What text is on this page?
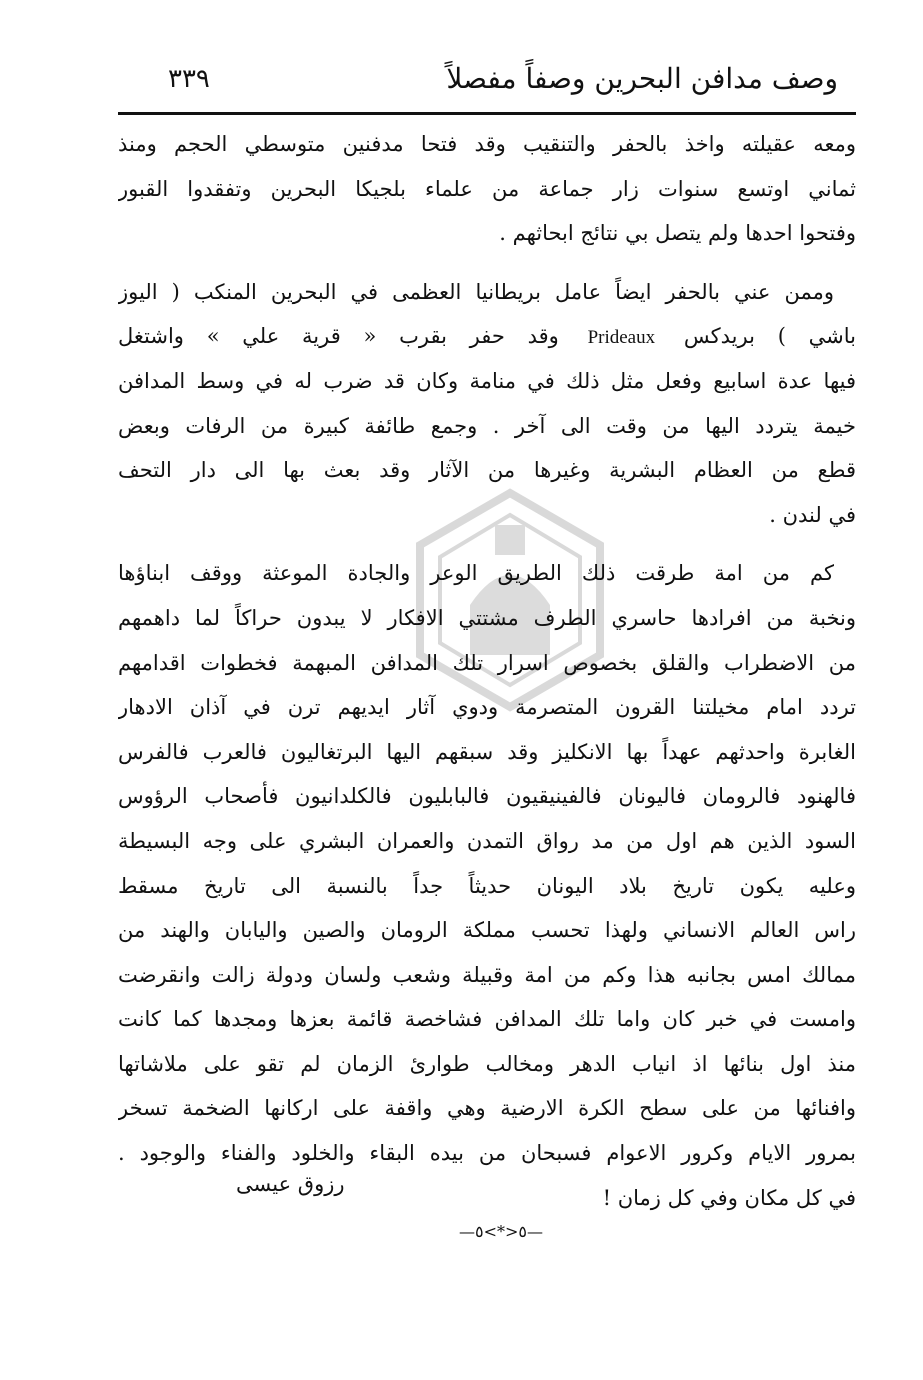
وصف مدافن البحرين وصفاً مفصلاً
٣٣٩
ومعه عقيلته واخذ بالحفر والتنقيب وقد فتحا مدفنين متوسطي الحجم ومنذ
ثماني اوتسع سنوات زار جماعة من علماء بلجيكا البحرين وتفقدوا القبور
وفتحوا احدها ولم يتصل بي نتائج ابحاثهم .
وممن عني بالحفر ايضاً عامل بريطانيا العظمى في البحرين المنكب ( اليوز
باشي ) بريدكس Prideaux وقد حفر بقرب « قرية علي » واشتغل
فيها عدة اسابيع وفعل مثل ذلك في منامة وكان قد ضرب له في وسط المدافن
خيمة يتردد اليها من وقت الى آخر . وجمع طائفة كبيرة من الرفات وبعض
قطع من العظام البشرية وغيرها من الآثار وقد بعث بها الى دار التحف
في لندن .
كم من امة طرقت ذلك الطريق الوعر والجادة الموعثة ووقف ابناؤها
ونخبة من افرادها حاسري الطرف مشتتي الافكار لا يبدون حراكاً لما داهمهم
من الاضطراب والقلق بخصوص اسرار تلك المدافن المبهمة فخطوات اقدامهم
تردد امام مخيلتنا القرون المتصرمة ودوي آثار ايديهم ترن في آذان الادهار
الغابرة واحدثهم عهداً بها الانكليز وقد سبقهم اليها البرتغاليون فالعرب فالفرس
فالهنود فالرومان فاليونان فالفينيقيون فالبابليون فالكلدانيون فأصحاب الرؤوس
السود الذين هم اول من مد رواق التمدن والعمران البشري على وجه البسيطة
وعليه يكون تاريخ بلاد اليونان حديثاً جداً بالنسبة الى تاريخ مسقط
راس العالم الانساني ولهذا تحسب مملكة الرومان والصين واليابان والهند من
ممالك امس بجانبه هذا وكم من امة وقبيلة وشعب ولسان ودولة زالت وانقرضت
وامست في خبر كان واما تلك المدافن فشاخصة قائمة بعزها ومجدها كما كانت
منذ اول بنائها اذ انياب الدهر ومخالب طوارئ الزمان لم تقو على ملاشاتها
وافنائها من على سطح الكرة الارضية وهي واقفة على اركانها الضخمة تسخر
بمرور الايام وكرور الاعوام فسبحان من بيده البقاء والخلود والفناء والوجود .
في كل مكان وفي كل زمان !
رزوق عيسى
—٥<*>٥—
